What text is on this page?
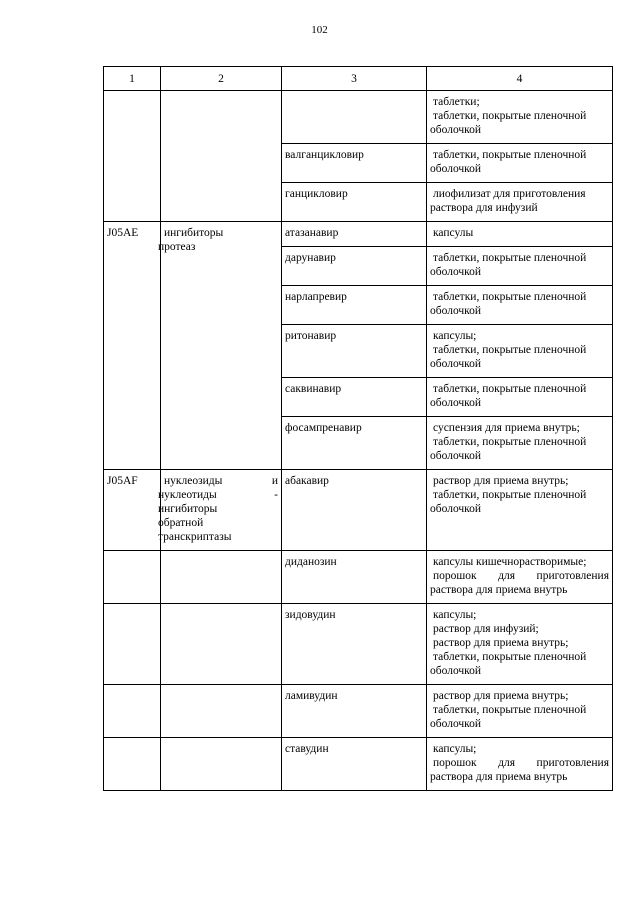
102
1	2	3	4

			таблетки;
таблетки, покрытые пленочной
оболочкой

		валганцикловир	таблетки, покрытые пленочной
оболочкой

		ганцикловир	лиофилизат для приготовления
раствора для инфузий

J05AE	ингибиторы
протеаз	атазанавир	капсулы

		дарунавир	таблетки, покрытые пленочной
оболочкой

		нарлапревир	таблетки, покрытые пленочной
оболочкой

		ритонавир	капсулы;
таблетки, покрытые пленочной
оболочкой

		саквинавир	таблетки, покрытые пленочной
оболочкой

		фосампренавир	суспензия для приема внутрь;
таблетки, покрытые пленочной
оболочкой

J05AF	нуклеозиды и
нуклеотиды -
ингибиторы
обратной
транскриптазы	абакавир	раствор для приема внутрь;
таблетки, покрытые пленочной
оболочкой

		диданозин	капсулы кишечнорастворимые;
порошок для приготовления
раствора для приема внутрь

		зидовудин	капсулы;
раствор для инфузий;
раствор для приема внутрь;
таблетки, покрытые пленочной
оболочкой

		ламивудин	раствор для приема внутрь;
таблетки, покрытые пленочной
оболочкой

		ставудин	капсулы;
порошок для приготовления
раствора для приема внутрь
